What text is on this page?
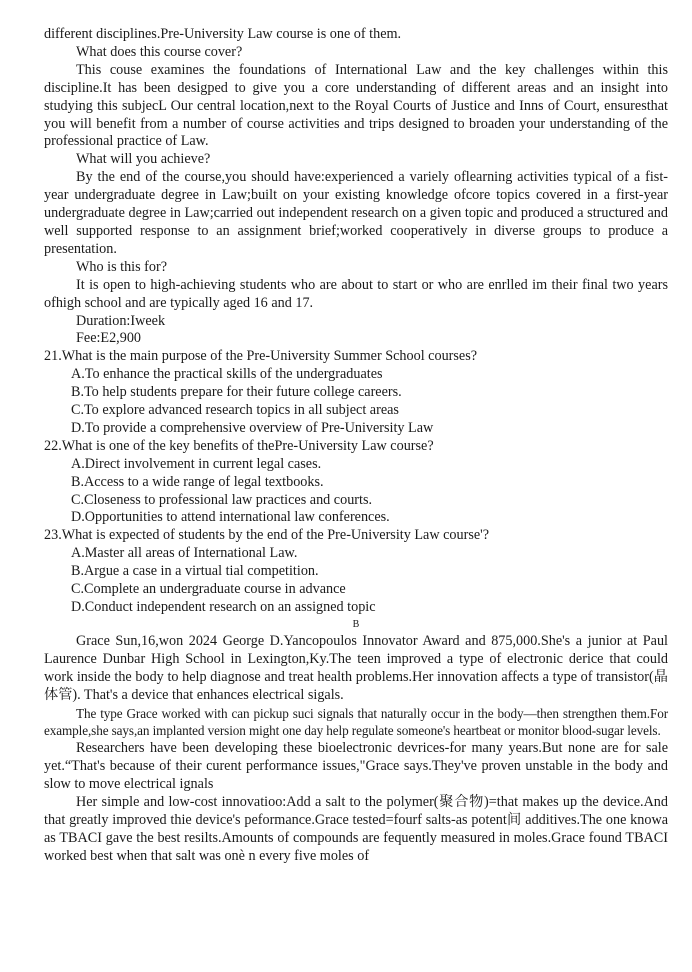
different disciplines.Pre-University Law course is one of them.

What does this course cover?

This couse examines the foundations of International Law and the key challenges within this discipline.It has been desigped to give you a core understanding of different areas and an insight into studying this subjecL Our central location,next to the Royal Courts of Justice and Inns of Court, ensuresthat you will benefit from a number of course activities and trips designed to broaden your understanding of the professional practice of Law.

What will you achieve?

By the end of the course,you should have:experienced a variely oflearning activities typical of a fist-year undergraduate degree in Law;built on your existing knowledge ofcore topics covered in a first-year undergraduate degree in Law;carried out independent research on a given topic and produced a structured and well supported response to an assignment brief;worked cooperatively in diverse groups to produce a presentation.

Who is this for?

It is open to high-achieving students who are about to start or who are enrlled im their final two years ofhigh school and are typically aged 16 and 17.

Duration:Iweek

Fee:E2,900

21.What is the main purpose of the Pre-University Summer School courses?

A.To enhance the practical skills of the undergraduates

B.To help students prepare for their future college careers.

C.To explore advanced research topics in all subject areas

D.To provide a comprehensive overview of Pre-University Law

22.What is one of the key benefits of thePre-University Law course?

A.Direct involvement in current legal cases.

B.Access to a wide range of legal textbooks.

C.Closeness to professional law practices and courts.

D.Opportunities to attend international law conferences.

23.What is expected of students by the end of the Pre-University Law course'?

A.Master all areas of International Law.

B.Argue a case in a virtual tial competition.

C.Complete an undergraduate course in advance

D.Conduct independent research on an assigned topic

B

Grace Sun,16,won 2024 George D.Yancopoulos Innovator Award and 875,000.She's a junior at Paul Laurence Dunbar High School in Lexington,Ky.The teen improved a type of electronic derice that could work inside the body to help diagnose and treat health problems.Her innovation affects a type of transistor(晶体管). That's a device that enhances electrical sigals.

The type Grace worked with can pickup suci signals that naturally occur in the body—then strengthen them.For example,she says,an implanted version might one day help regulate someone's heartbeat or monitor blood-sugar levels.

Researchers have been developing these bioelectronic devrices-for many years.But none are for sale yet.“That's because of their curent performance issues,"Grace says.They've proven unstable in the body and slow to move electrical ignals

Her simple and low-cost innovatioo:Add a salt to the polymer(聚合物)=that makes up the device.And that greatly improved thie device's peformance.Grace tested=fourf salts-as potent间 additives.The one knowa as TBACI gave the best resilts.Amounts of compounds are fequently measured in moles.Grace found TBACI worked best when that salt was onè n every five moles of
